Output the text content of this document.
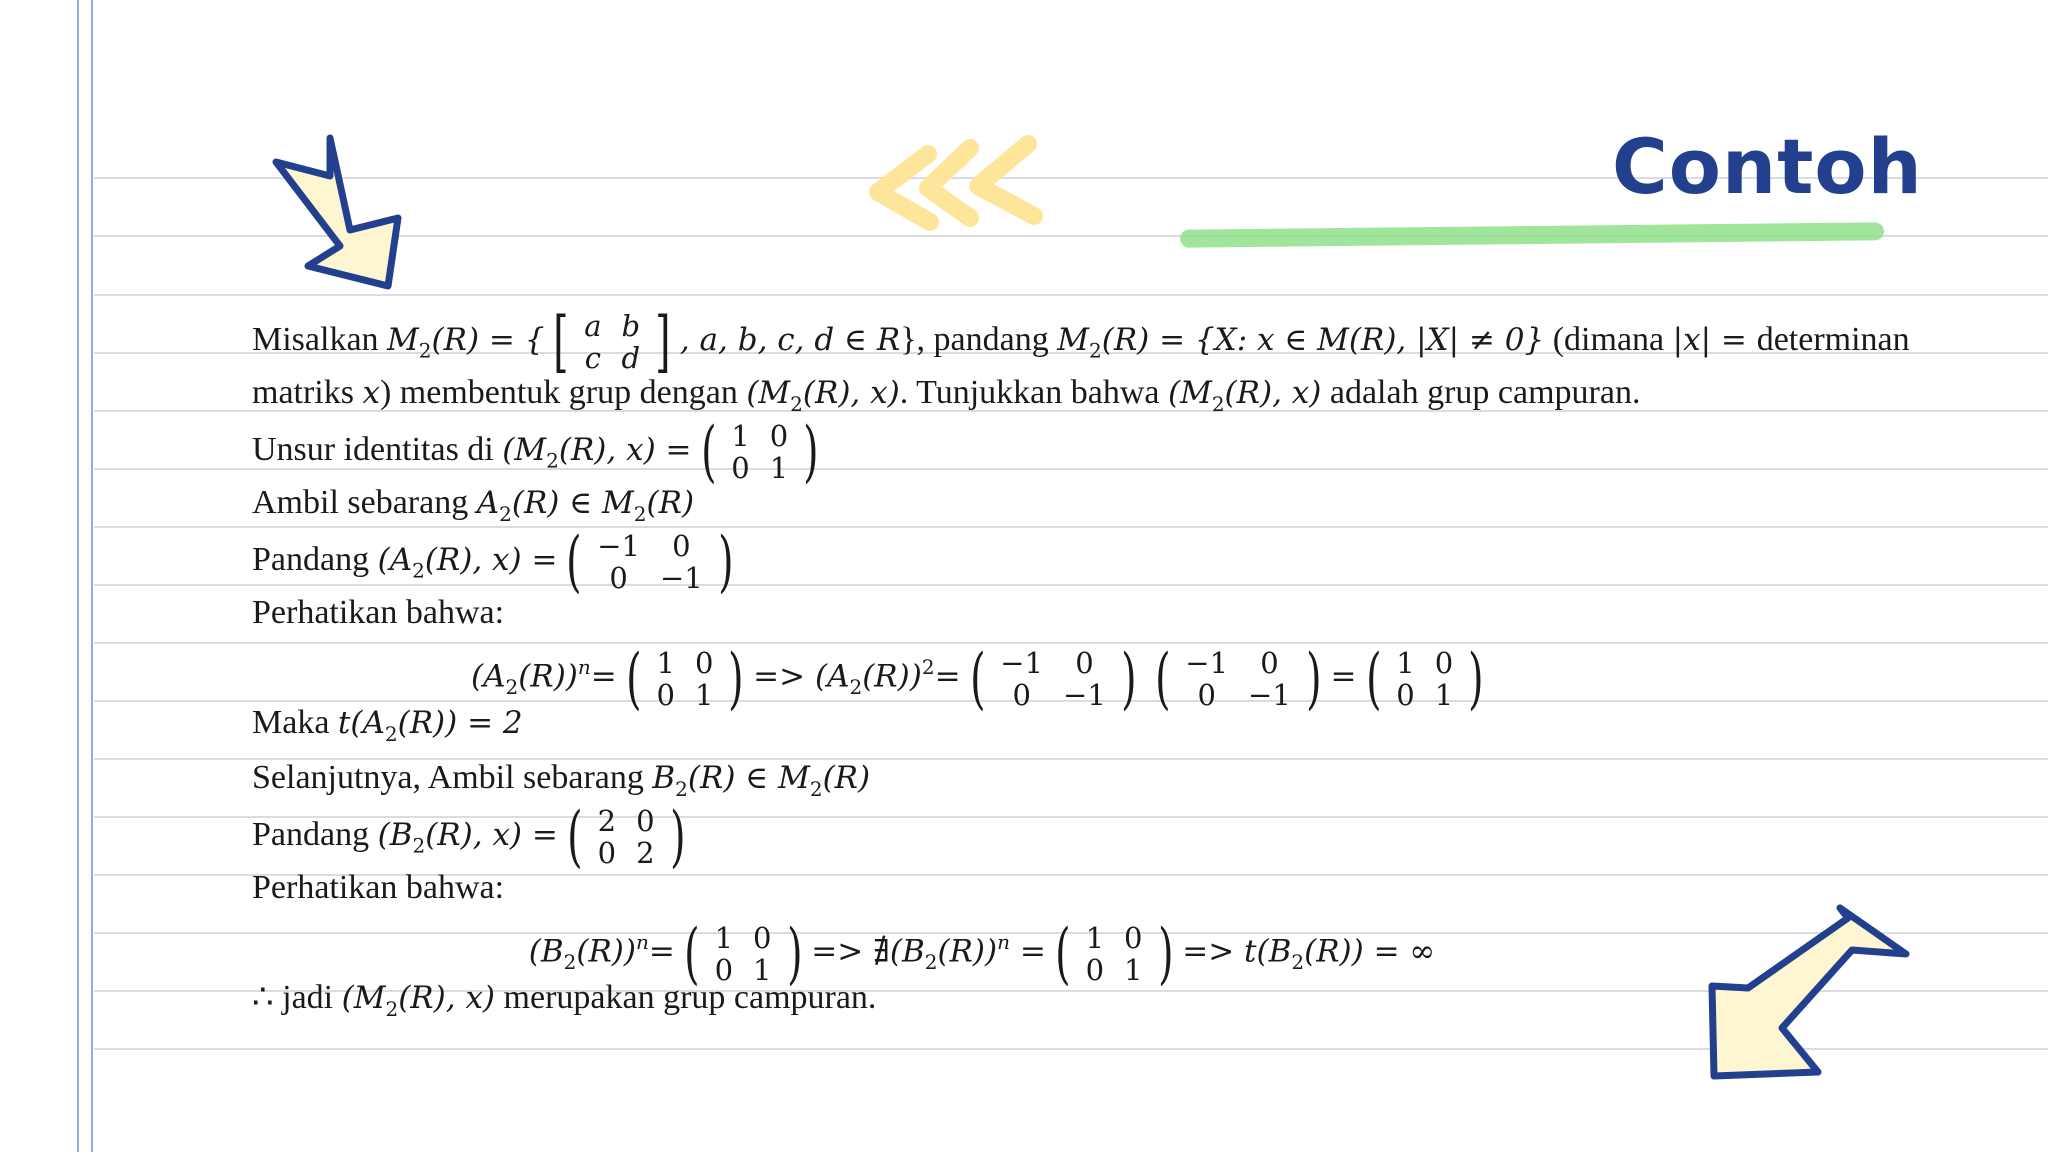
Contoh
Misalkan $M_2(R)$ = { [ a	b
c	d ] , a, b, c, d ∈ R}, pandang $M_2(R) = \{X$: x ∈ M(R), |X| ≠ 0} (dimana |x| = determinan
matriks x) membentuk grup dengan ($M_2(R)$, x). Tunjukkan bahwa ($M_2(R)$, x) adalah grup campuran.
Unsur identitas di ($M_2(R)$, x) = ( 1	0
0	1 )
Ambil sebarang $A_2(R)$ ∈ $M_2(R)$
Pandang ($A_2(R)$, x) = ( −1	0
0	−1 )
Perhatikan bahwa:
$(A_2(R))^n=$ ( 1	0
0	1 ) => $(A_2(R))^2=$ ( −1	0
0	−1 ) ( −1	0
0	−1 ) = ( 1	0
0	1 )
Maka $t(A_2(R)) = 2$
Selanjutnya, Ambil sebarang $B_2(R)$ ∈ $M_2(R)$
Pandang ($B_2(R)$, x) = ( 2	0
0	2 )
Perhatikan bahwa:
$(B_2(R))^n=$ ( 1	0
0	1 ) => $∄(B_2(R))^n$ = ( 1	0
0	1 ) => $t(B_2(R))$ = ∞
∴ jadi ($M_2(R)$, x) merupakan grup campuran.
